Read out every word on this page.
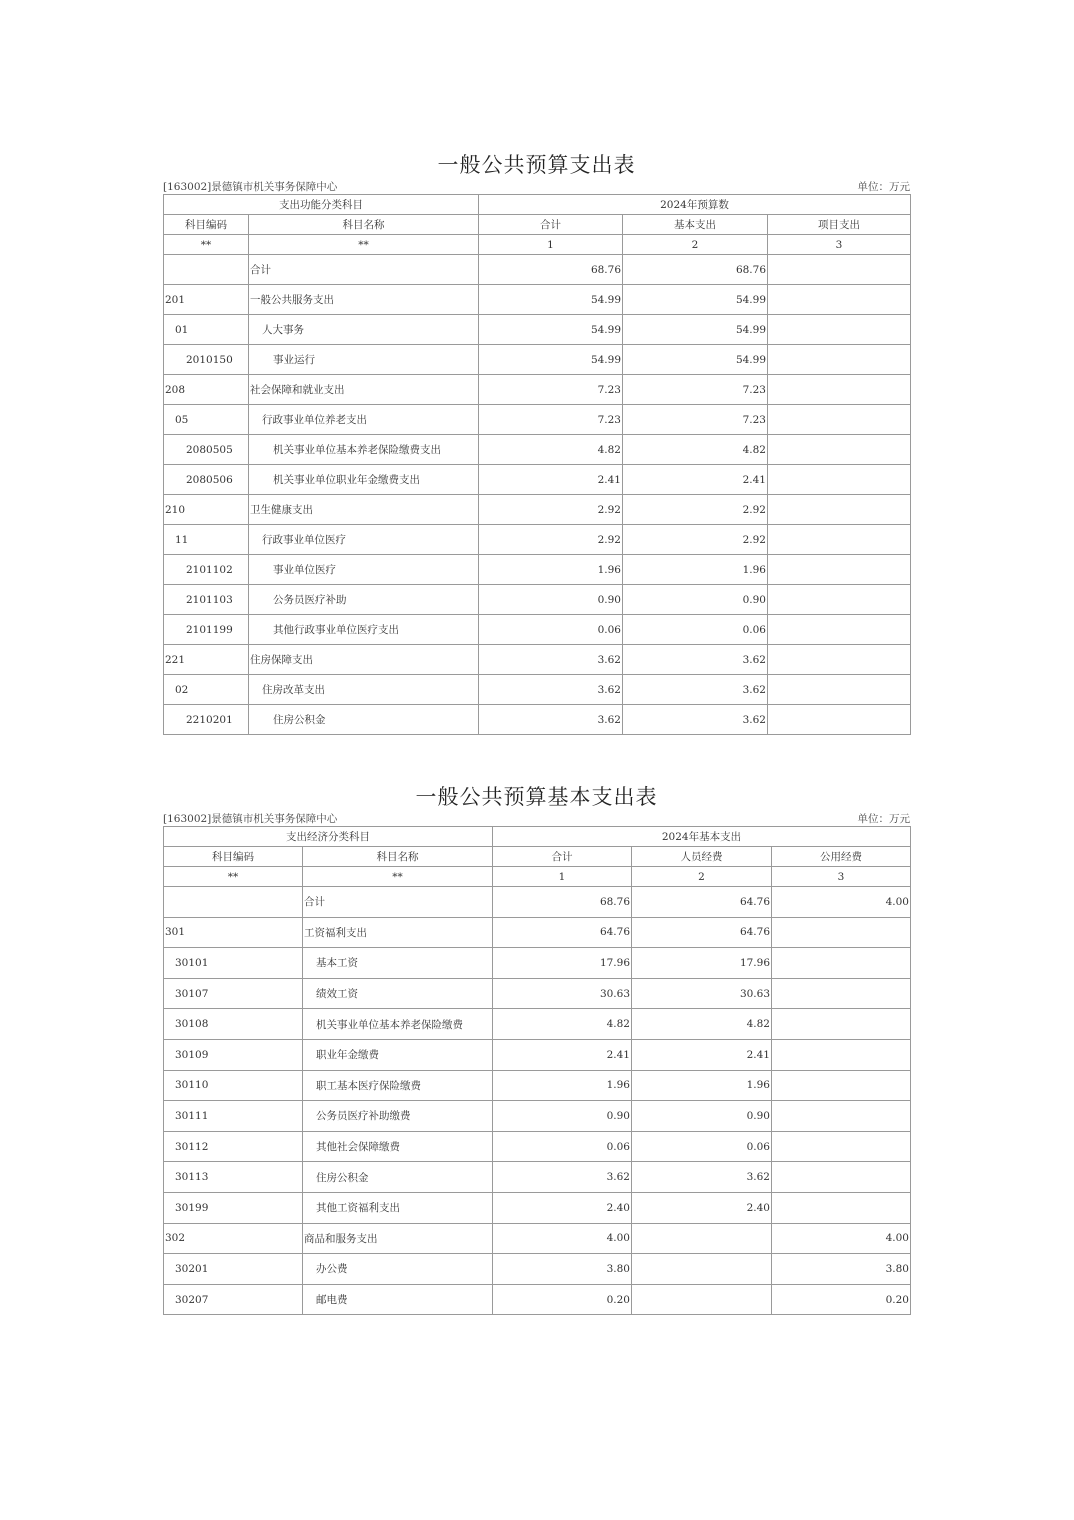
一般公共预算支出表
[163002]景德镇市机关事务保障中心	单位：万元
支出功能分类科目		2024年预算数		
科目编码	科目名称	合计	基本支出	项目支出
**	**	1	2	3
	合计	68.76	68.76	
201	一般公共服务支出	54.99	54.99	
01	人大事务	54.99	54.99	
2010150	事业运行	54.99	54.99	
208	社会保障和就业支出	7.23	7.23	
05	行政事业单位养老支出	7.23	7.23	
2080505	机关事业单位基本养老保险缴费支出	4.82	4.82	
2080506	机关事业单位职业年金缴费支出	2.41	2.41	
210	卫生健康支出	2.92	2.92	
11	行政事业单位医疗	2.92	2.92	
2101102	事业单位医疗	1.96	1.96	
2101103	公务员医疗补助	0.90	0.90	
2101199	其他行政事业单位医疗支出	0.06	0.06	
221	住房保障支出	3.62	3.62	
02	住房改革支出	3.62	3.62	
2210201	住房公积金	3.62	3.62	
一般公共预算基本支出表
[163002]景德镇市机关事务保障中心	单位：万元
支出经济分类科目		2024年基本支出		
科目编码	科目名称	合计	人员经费	公用经费
**	**	1	2	3
	合计	68.76	64.76	4.00
301	工资福利支出	64.76	64.76	
30101	基本工资	17.96	17.96	
30107	绩效工资	30.63	30.63	
30108	机关事业单位基本养老保险缴费	4.82	4.82	
30109	职业年金缴费	2.41	2.41	
30110	职工基本医疗保险缴费	1.96	1.96	
30111	公务员医疗补助缴费	0.90	0.90	
30112	其他社会保障缴费	0.06	0.06	
30113	住房公积金	3.62	3.62	
30199	其他工资福利支出	2.40	2.40	
302	商品和服务支出	4.00		4.00
30201	办公费	3.80		3.80
30207	邮电费	0.20		0.20
